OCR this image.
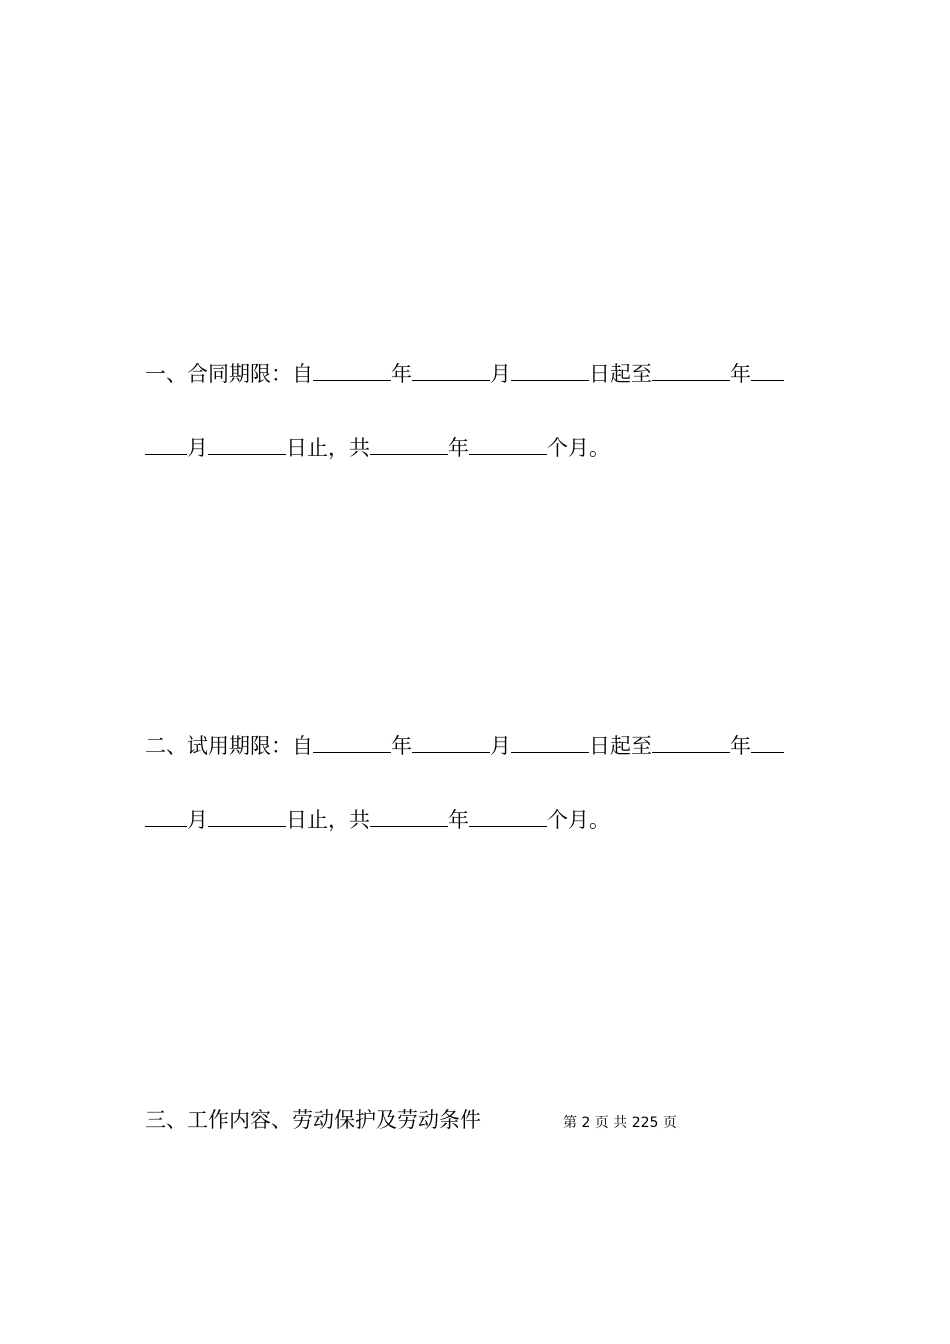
一、合同期限：自	年	月	日起至	年
月	日止，共	年	个月。
二、试用期限：自	年	月	日起至	年
月	日止，共	年	个月。
三、工作内容、劳动保护及劳动条件	第 2 页 共 225 页
